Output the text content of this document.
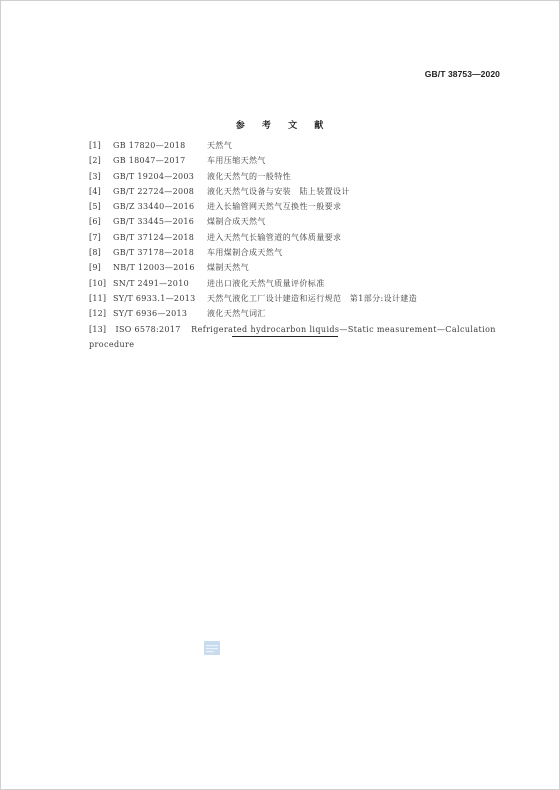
GB/T 38753—2020
参 考 文 献
[1]	GB 17820—2018	天然气
[2]	GB 18047—2017	车用压缩天然气
[3]	GB/T 19204—2003	液化天然气的一般特性
[4]	GB/T 22724—2008	液化天然气设备与安装　陆上装置设计
[5]	GB/Z 33440—2016	进入长输管网天然气互换性一般要求
[6]	GB/T 33445—2016	煤制合成天然气
[7]	GB/T 37124—2018	进入天然气长输管道的气体质量要求
[8]	GB/T 37178—2018	车用煤制合成天然气
[9]	NB/T 12003—2016	煤制天然气
[10] SN/T 2491—2010	进出口液化天然气质量评价标准
[11] SY/T 6933.1—2013	天然气液化工厂设计建造和运行规范　第1部分:设计建造
[12] SY/T 6936—2013	液化天然气词汇
[13] ISO 6578:2017 Refrigerated hydrocarbon liquids—Static measurement—Calculation procedure
